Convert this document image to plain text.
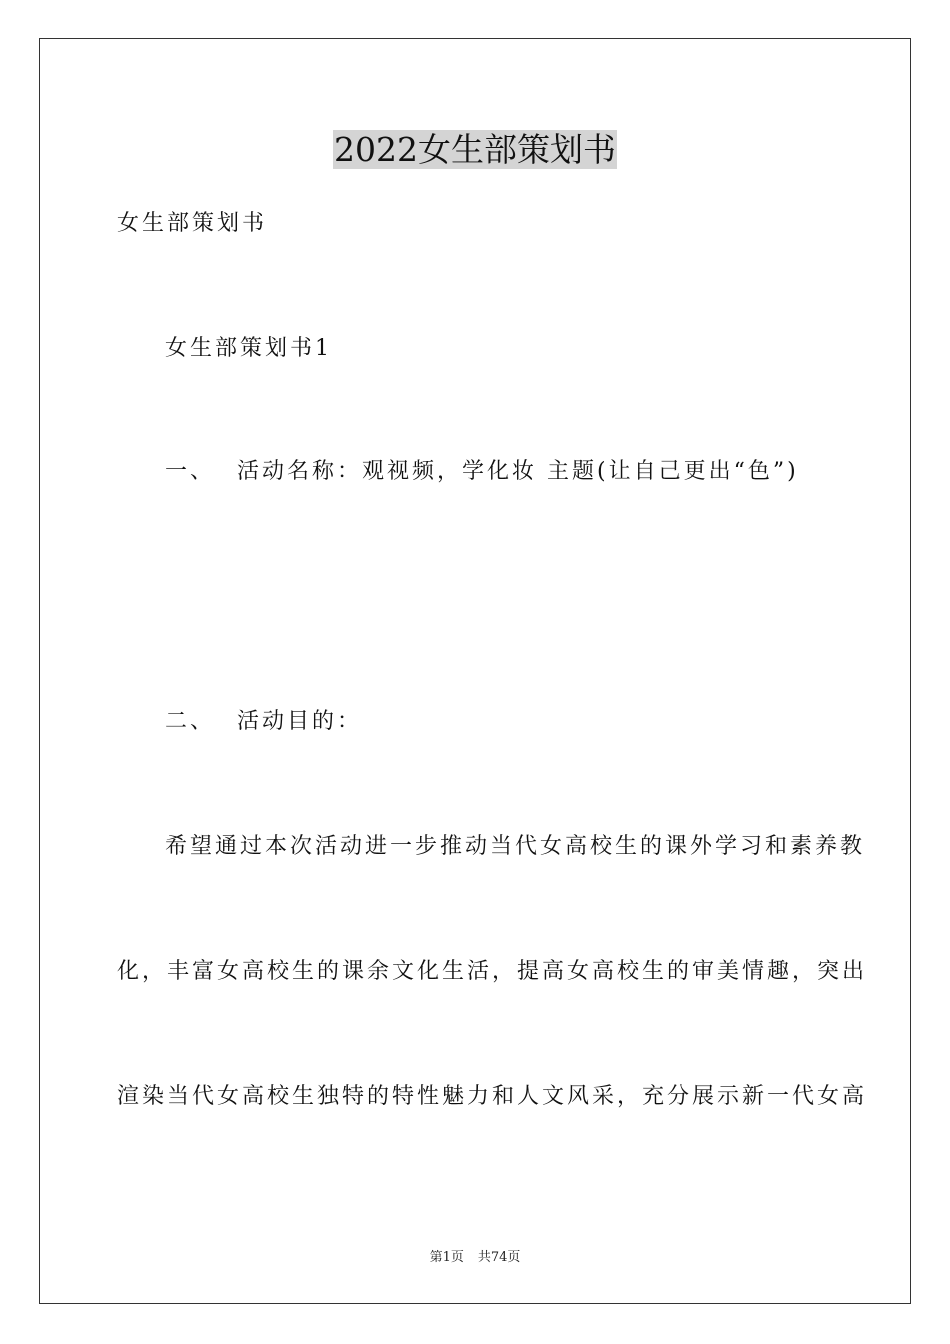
2022女生部策划书
女生部策划书
女生部策划书1
一、 活动名称：观视频，学化妆 主题(让自己更出“色”)
二、 活动目的：
希望通过本次活动进一步推动当代女高校生的课外学习和素养教
化，丰富女高校生的课余文化生活，提高女高校生的审美情趣，突出
渲染当代女高校生独特的特性魅力和人文风采，充分展示新一代女高
第1页 共74页
